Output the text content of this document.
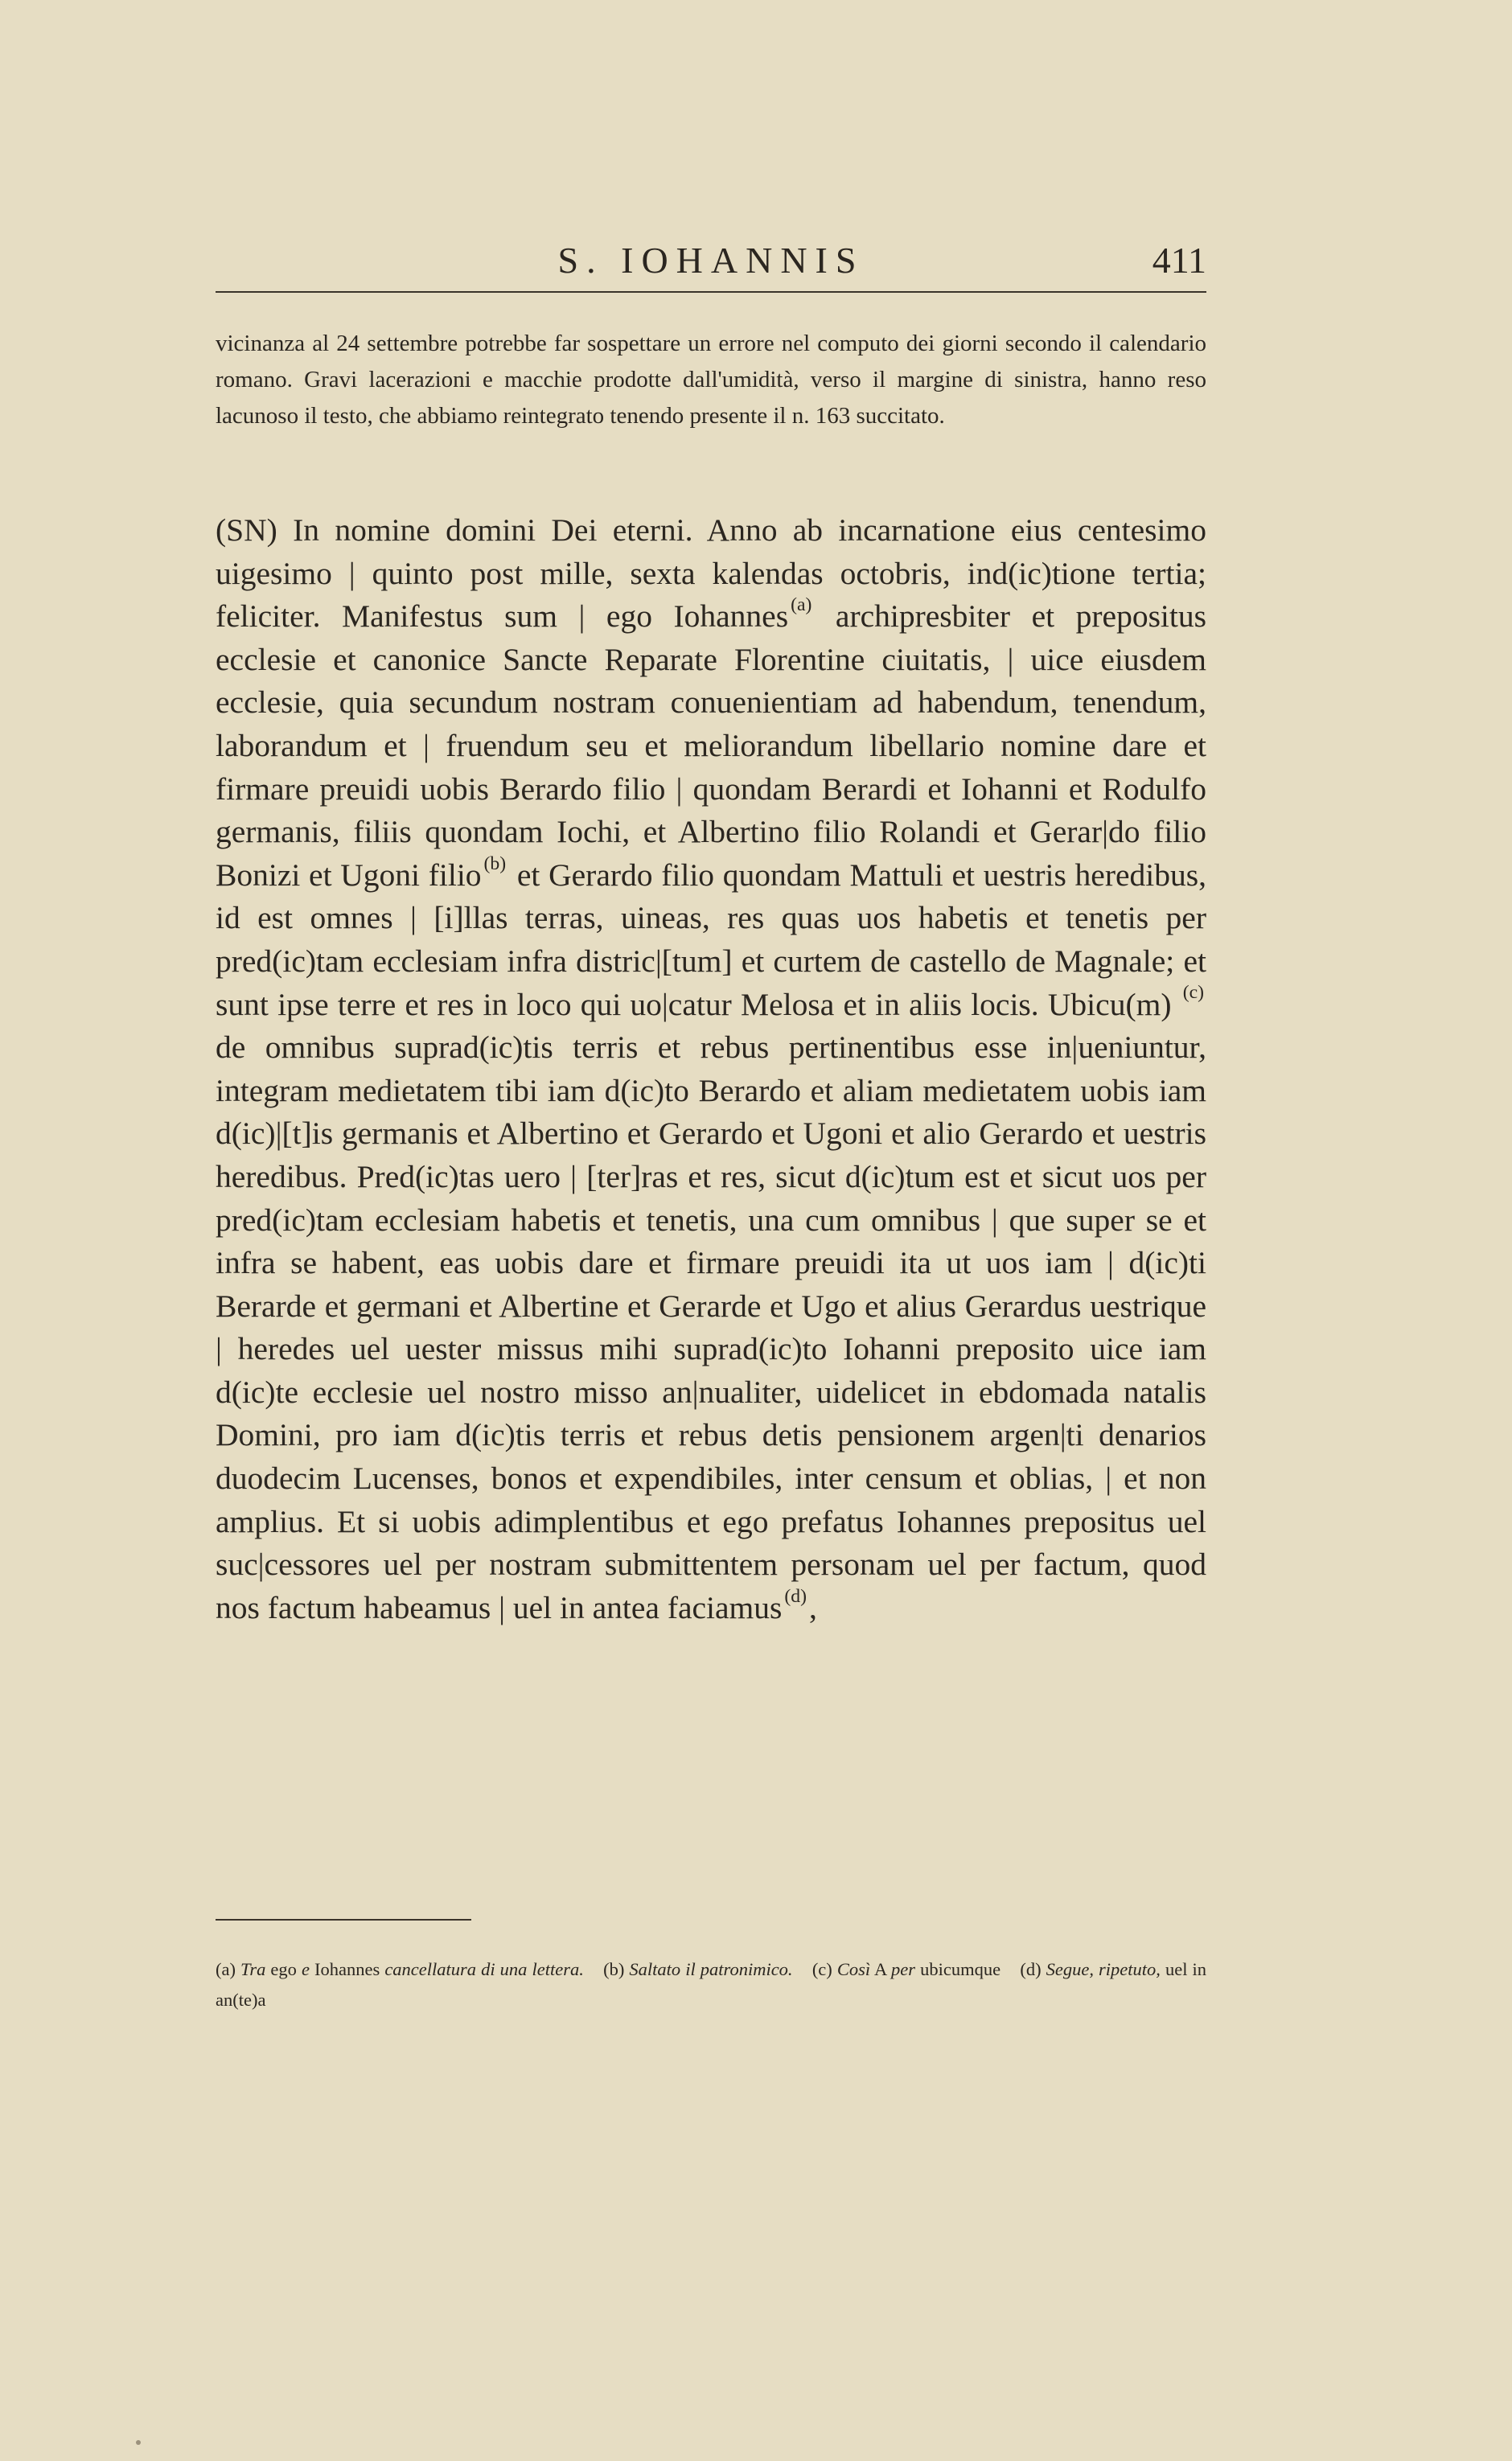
S. IOHANNIS	411

vicinanza al 24 settembre potrebbe far sospettare un errore nel computo dei giorni secondo il calendario romano. Gravi lacerazioni e macchie prodotte dall'umidità, verso il margine di sinistra, hanno reso lacunoso il testo, che abbiamo reintegrato tenendo presente il n. 163 succitato.

(SN) In nomine domini Dei eterni. Anno ab incarnatione eius centesimo uigesimo | quinto post mille, sexta kalendas octobris, ind(ic)tione tertia; feliciter. Manifestus sum | ego Iohannes $^{(a)}$ archipresbiter et prepositus ecclesie et canonice Sancte Reparate Florentine ciuitatis, | uice eiusdem ecclesie, quia secundum nostram conuenientiam ad habendum, tenendum, laborandum et | fruendum seu et meliorandum libellario nomine dare et firmare preuidi uobis Berardo filio | quondam Berardi et Iohanni et Rodulfo germanis, filiis quondam Iochi, et Albertino filio Rolandi et Gerar|do filio Bonizi et Ugoni filio $^{(b)}$ et Gerardo filio quondam Mattuli et uestris heredibus, id est omnes | [i]llas terras, uineas, res quas uos habetis et tenetis per pred(ic)tam ecclesiam infra distric|[tum] et curtem de castello de Magnale; et sunt ipse terre et res in loco qui uo|catur Melosa et in aliis locis. Ubicu(m) $^{(c)}$ de omnibus suprad(ic)tis terris et rebus pertinentibus esse in|ueniuntur, integram medietatem tibi iam d(ic)to Berardo et aliam medietatem uobis iam d(ic)|[t]is germanis et Albertino et Gerardo et Ugoni et alio Gerardo et uestris heredibus. Pred(ic)tas uero | [ter]ras et res, sicut d(ic)tum est et sicut uos per pred(ic)tam ecclesiam habetis et tenetis, una cum omnibus | que super se et infra se habent, eas uobis dare et firmare preuidi ita ut uos iam | d(ic)ti Berarde et germani et Albertine et Gerarde et Ugo et alius Gerardus uestrique | heredes uel uester missus mihi suprad(ic)to Iohanni preposito uice iam d(ic)te ecclesie uel nostro misso an|nualiter, uidelicet in ebdomada natalis Domini, pro iam d(ic)tis terris et rebus detis pensionem argen|ti denarios duodecim Lucenses, bonos et expendibiles, inter censum et oblias, | et non amplius. Et si uobis adimplentibus et ego prefatus Iohannes prepositus uel suc|cessores uel per nostram submittentem personam uel per factum, quod nos factum habeamus | uel in antea faciamus $^{(d)}$,

(a) Tra ego e Iohannes cancellatura di una lettera. (b) Saltato il patronimico. (c) Così A per ubicumque (d) Segue, ripetuto, uel in an(te)a
